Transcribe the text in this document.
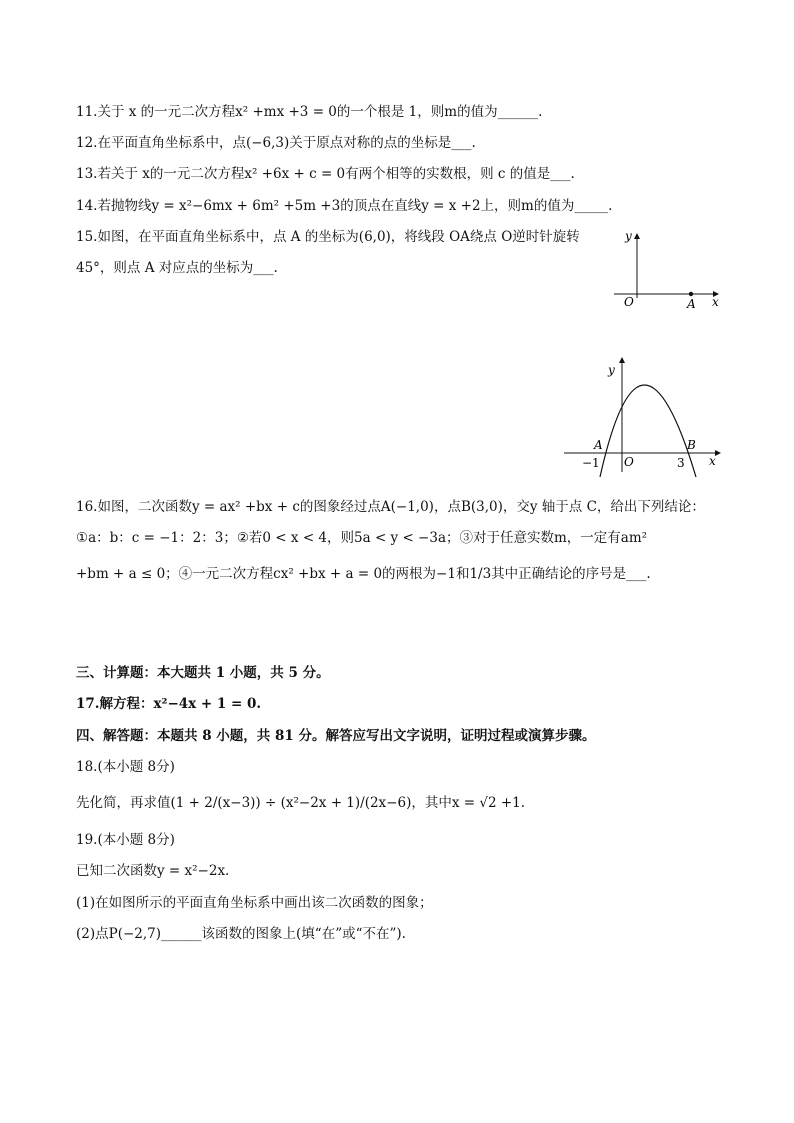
11.关于 x 的一元二次方程x² +mx +3 = 0的一个根是 1，则m的值为______.
12.在平面直角坐标系中，点(−6,3)关于原点对称的点的坐标是___.
13.若关于 x的一元二次方程x² +6x + c = 0有两个相等的实数根，则 c 的值是___.
14.若抛物线y = x²−6mx + 6m² +5m +3的顶点在直线y = x +2上，则m的值为_____.
15.如图，在平面直角坐标系中，点 A 的坐标为(6,0)，将线段 OA绕点 O逆时针旋转
45°，则点 A 对应点的坐标为___.
y
x
O	A
y
x
O
A	B
−1	3
16.如图，二次函数y = ax² +bx + c的图象经过点A(−1,0)，点B(3,0)，交y 轴于点 C，给出下列结论：
①a：b：c = −1：2：3；②若0 < x < 4，则5a < y < −3a；③对于任意实数m，一定有am²
+bm + a ≤ 0；④一元二次方程cx² +bx + a = 0的两根为−1和1/3其中正确结论的序号是___.
三、计算题：本大题共 1 小题，共 5 分。
17.解方程：x²−4x + 1 = 0.
四、解答题：本题共 8 小题，共 81 分。解答应写出文字说明，证明过程或演算步骤。
18.(本小题 8分)
先化简，再求值(1 + 2/(x−3)) ÷ (x²−2x + 1)/(2x−6)，其中x = √2 +1.
19.(本小题 8分)
已知二次函数y = x²−2x.
(1)在如图所示的平面直角坐标系中画出该二次函数的图象；
(2)点P(−2,7)______该函数的图象上(填“在”或“不在”).
